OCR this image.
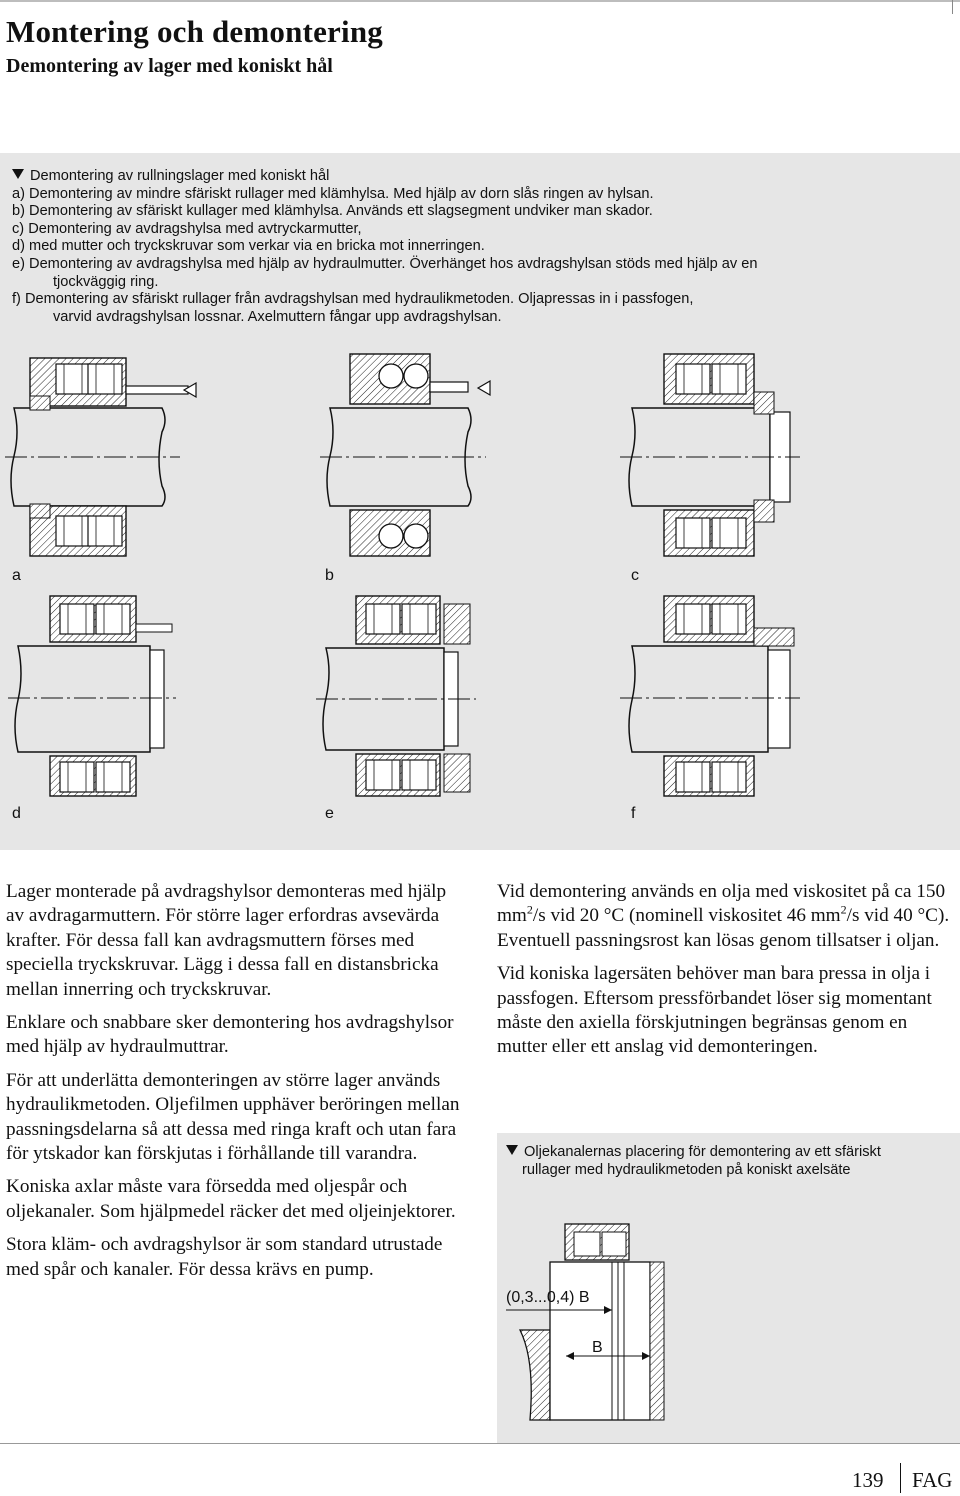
Montering och demontering
Demontering av lager med koniskt hål
Demontering av rullningslager med koniskt hål
a) Demontering av mindre sfäriskt rullager med klämhylsa. Med hjälp av dorn slås ringen av hylsan.
b) Demontering av sfäriskt kullager med klämhylsa. Används ett slagsegment undviker man skador.
c) Demontering av avdragshylsa med avtryckarmutter,
d) med mutter och tryckskruvar som verkar via en bricka mot innerringen.
e) Demontering av avdragshylsa med hjälp av hydraulmutter. Överhänget hos avdragshylsan stöds med hjälp av en
tjockväggig ring.
f) Demontering av sfäriskt rullager från avdragshylsan med hydraulikmetoden. Oljapressas in i passfogen,
varvid avdragshylsan lossnar. Axelmuttern fångar upp avdragshylsan.
a	b	c
d	e	f

Lager monterade på avdragshylsor demonteras med hjälp av avdragarmuttern. För större lager erfordras avsevärda krafter. För dessa fall kan avdragsmuttern förses med speciella tryckskruvar. Lägg i dessa fall en distansbricka mellan innerring och tryckskruvar.

Enklare och snabbare sker demontering hos avdragshylsor med hjälp av hydraulmuttrar.

För att underlätta demonteringen av större lager används hydraulikmetoden. Oljefilmen upphäver beröringen mellan passningsdelarna så att dessa med ringa kraft och utan fara för ytskador kan förskjutas i förhållande till varandra.

Koniska axlar måste vara försedda med oljespår och oljekanaler. Som hjälpmedel räcker det med oljeinjektorer.

Stora kläm- och avdragshylsor är som standard utrustade med spår och kanaler. För dessa krävs en pump.

Vid demontering används en olja med viskositet på ca 150 $mm^2/s$ vid 20 °C (nominell viskositet 46 $mm^2/s$ vid 40 °C). Eventuell passningsrost kan lösas genom tillsatser i oljan.

Vid koniska lagersäten behöver man bara pressa in olja i passfogen. Eftersom pressförbandet löser sig momentant måste den axiella förskjutningen begränsas genom en mutter eller ett anslag vid demonteringen.

Oljekanalernas placering för demontering av ett sfäriskt
rullager med hydraulikmetoden på koniskt axelsäte
(0,3...0,4) B
B
139 FAG
